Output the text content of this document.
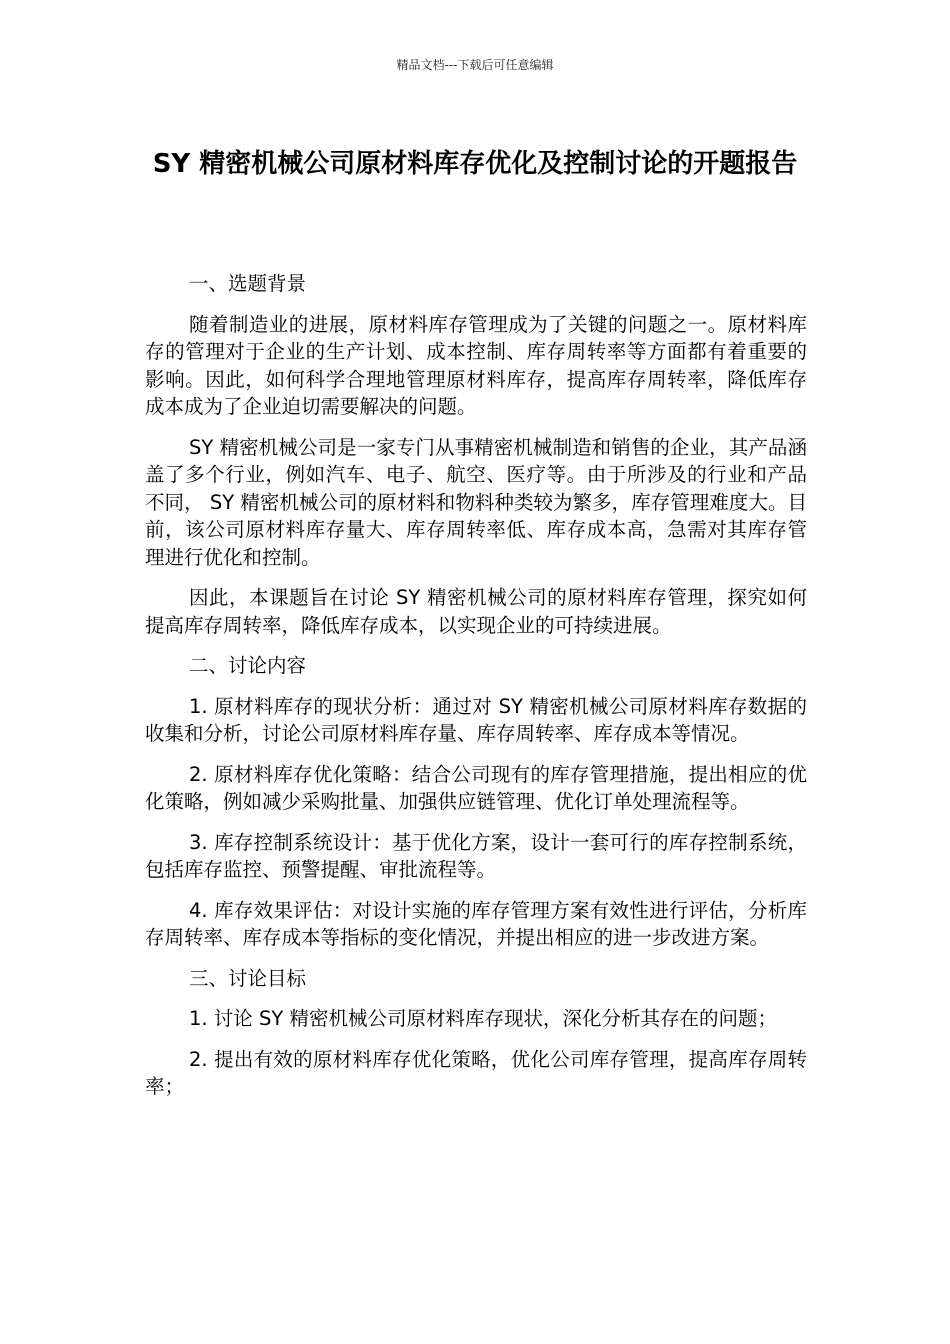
精品文档---下载后可任意编辑
SY 精密机械公司原材料库存优化及控制讨论的开题报告

一、选题背景

随着制造业的进展，原材料库存管理成为了关键的问题之一。原材料库存的管理对于企业的生产计划、成本控制、库存周转率等方面都有着重要的影响。因此，如何科学合理地管理原材料库存，提高库存周转率，降低库存成本成为了企业迫切需要解决的问题。

SY 精密机械公司是一家专门从事精密机械制造和销售的企业，其产品涵盖了多个行业，例如汽车、电子、航空、医疗等。由于所涉及的行业和产品不同， SY 精密机械公司的原材料和物料种类较为繁多，库存管理难度大。目前，该公司原材料库存量大、库存周转率低、库存成本高，急需对其库存管理进行优化和控制。

因此，本课题旨在讨论 SY 精密机械公司的原材料库存管理，探究如何提高库存周转率，降低库存成本，以实现企业的可持续进展。

二、讨论内容

1. 原材料库存的现状分析：通过对 SY 精密机械公司原材料库存数据的收集和分析，讨论公司原材料库存量、库存周转率、库存成本等情况。

2. 原材料库存优化策略：结合公司现有的库存管理措施，提出相应的优化策略，例如减少采购批量、加强供应链管理、优化订单处理流程等。

3. 库存控制系统设计：基于优化方案，设计一套可行的库存控制系统，包括库存监控、预警提醒、审批流程等。

4. 库存效果评估：对设计实施的库存管理方案有效性进行评估，分析库存周转率、库存成本等指标的变化情况，并提出相应的进一步改进方案。

三、讨论目标

1. 讨论 SY 精密机械公司原材料库存现状，深化分析其存在的问题；

2. 提出有效的原材料库存优化策略，优化公司库存管理，提高库存周转率；
